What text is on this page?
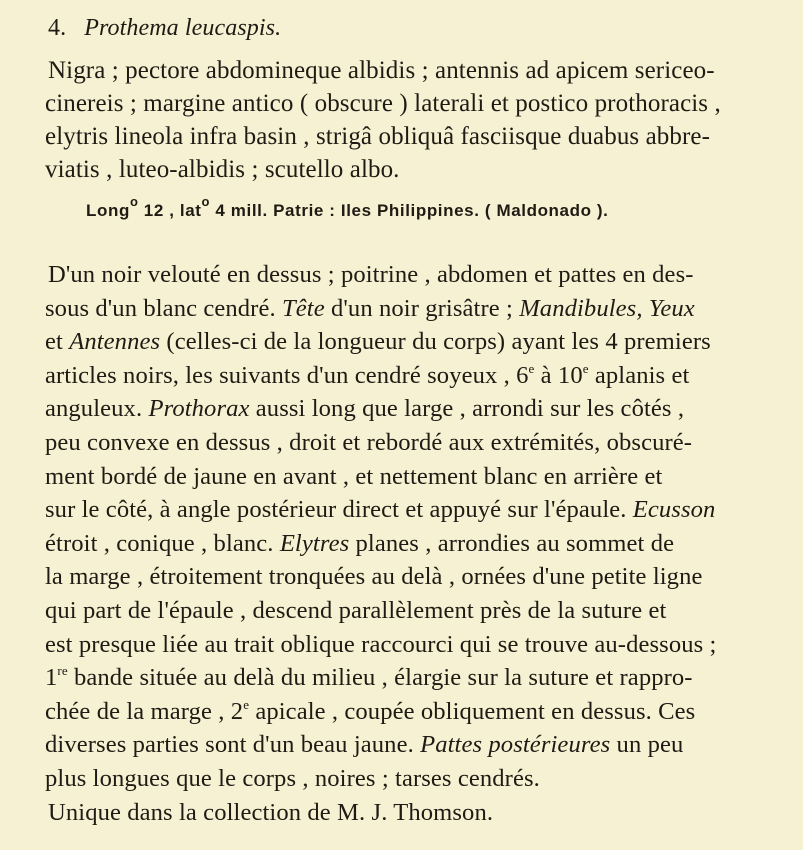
4. Prothema leucaspis.
Nigra ; pectore abdomineque albidis ; antennis ad apicem sericeo-
cinereis ; margine antico ( obscure ) laterali et postico prothoracis ,
elytris lineola infra basin , strigâ obliquâ fasciisque duabus abbre-
viatis , luteo-albidis ; scutello albo.
Long$^o$ 12 , lat$^o$ 4 mill. Patrie : Iles Philippines. ( Maldonado ).
D'un noir velouté en dessus ; poitrine , abdomen et pattes en des-
sous d'un blanc cendré. Tête d'un noir grisâtre ; Mandibules, Yeux
et Antennes (celles-ci de la longueur du corps) ayant les 4 premiers
articles noirs, les suivants d'un cendré soyeux , 6e à 10e aplanis et
anguleux. Prothorax aussi long que large , arrondi sur les côtés ,
peu convexe en dessus , droit et rebordé aux extrémités, obscuré-
ment bordé de jaune en avant , et nettement blanc en arrière et
sur le côté, à angle postérieur direct et appuyé sur l'épaule. Ecusson
étroit , conique , blanc. Elytres planes , arrondies au sommet de
la marge , étroitement tronquées au delà , ornées d'une petite ligne
qui part de l'épaule , descend parallèlement près de la suture et
est presque liée au trait oblique raccourci qui se trouve au-dessous ;
1re bande située au delà du milieu , élargie sur la suture et rappro-
chée de la marge , 2e apicale , coupée obliquement en dessus. Ces
diverses parties sont d'un beau jaune. Pattes postérieures un peu
plus longues que le corps , noires ; tarses cendrés.
Unique dans la collection de M. J. Thomson.
